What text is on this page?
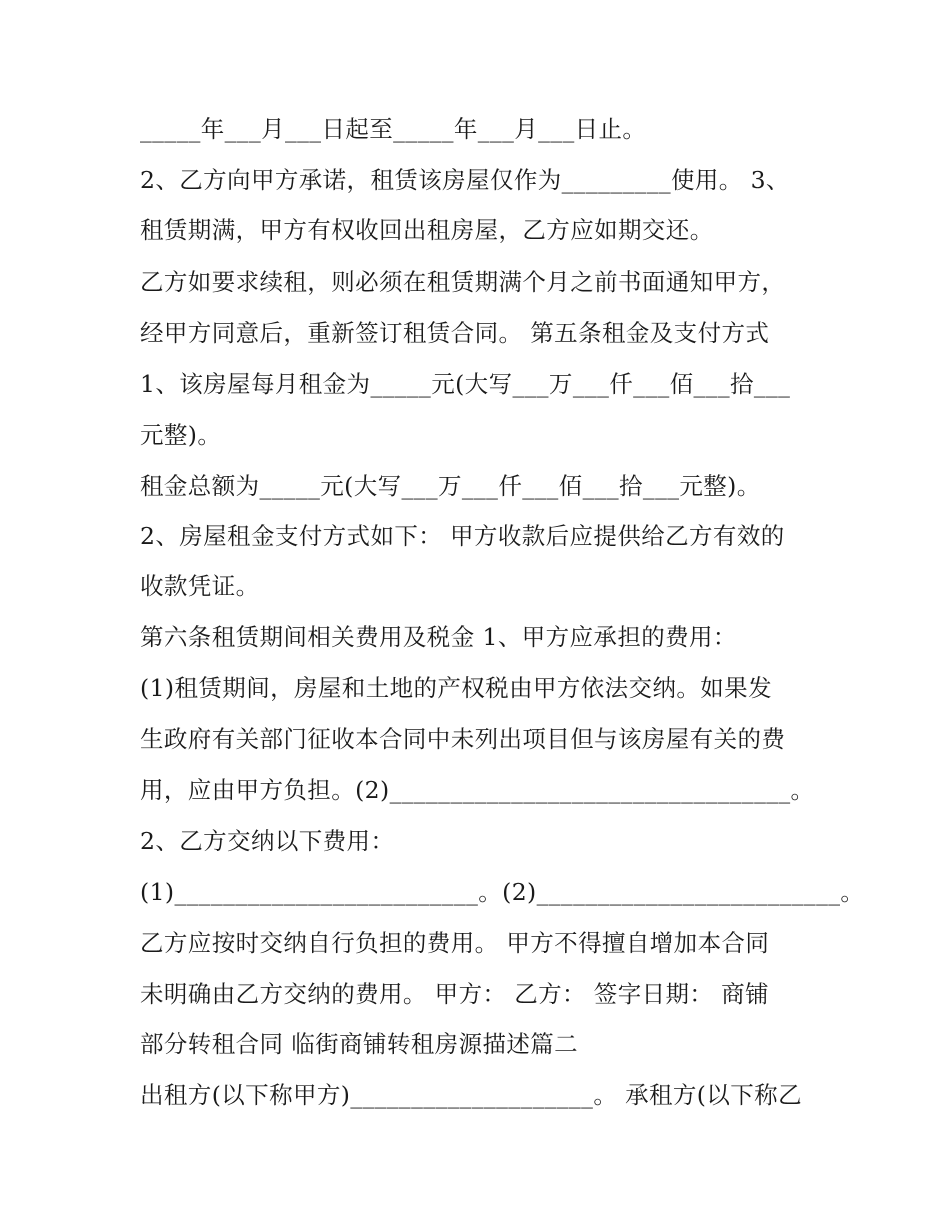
_____年___月___日起至_____年___月___日止。

2、乙方向甲方承诺，租赁该房屋仅作为_________使用。 3、

租赁期满，甲方有权收回出租房屋，乙方应如期交还。

乙方如要求续租，则必须在租赁期满个月之前书面通知甲方，

经甲方同意后，重新签订租赁合同。 第五条租金及支付方式

1、该房屋每月租金为_____元(大写___万___仟___佰___拾___

元整)。

租金总额为_____元(大写___万___仟___佰___拾___元整)。

2、房屋租金支付方式如下： 甲方收款后应提供给乙方有效的

收款凭证。

第六条租赁期间相关费用及税金 1、甲方应承担的费用：

(1)租赁期间，房屋和土地的产权税由甲方依法交纳。如果发

生政府有关部门征收本合同中未列出项目但与该房屋有关的费

用，应由甲方负担。(2)_________________________________。

2、乙方交纳以下费用：

(1)_________________________。(2)_________________________。

乙方应按时交纳自行负担的费用。 甲方不得擅自增加本合同

未明确由乙方交纳的费用。 甲方： 乙方： 签字日期： 商铺

部分转租合同 临街商铺转租房源描述篇二

出租方(以下称甲方)____________________。 承租方(以下称乙
